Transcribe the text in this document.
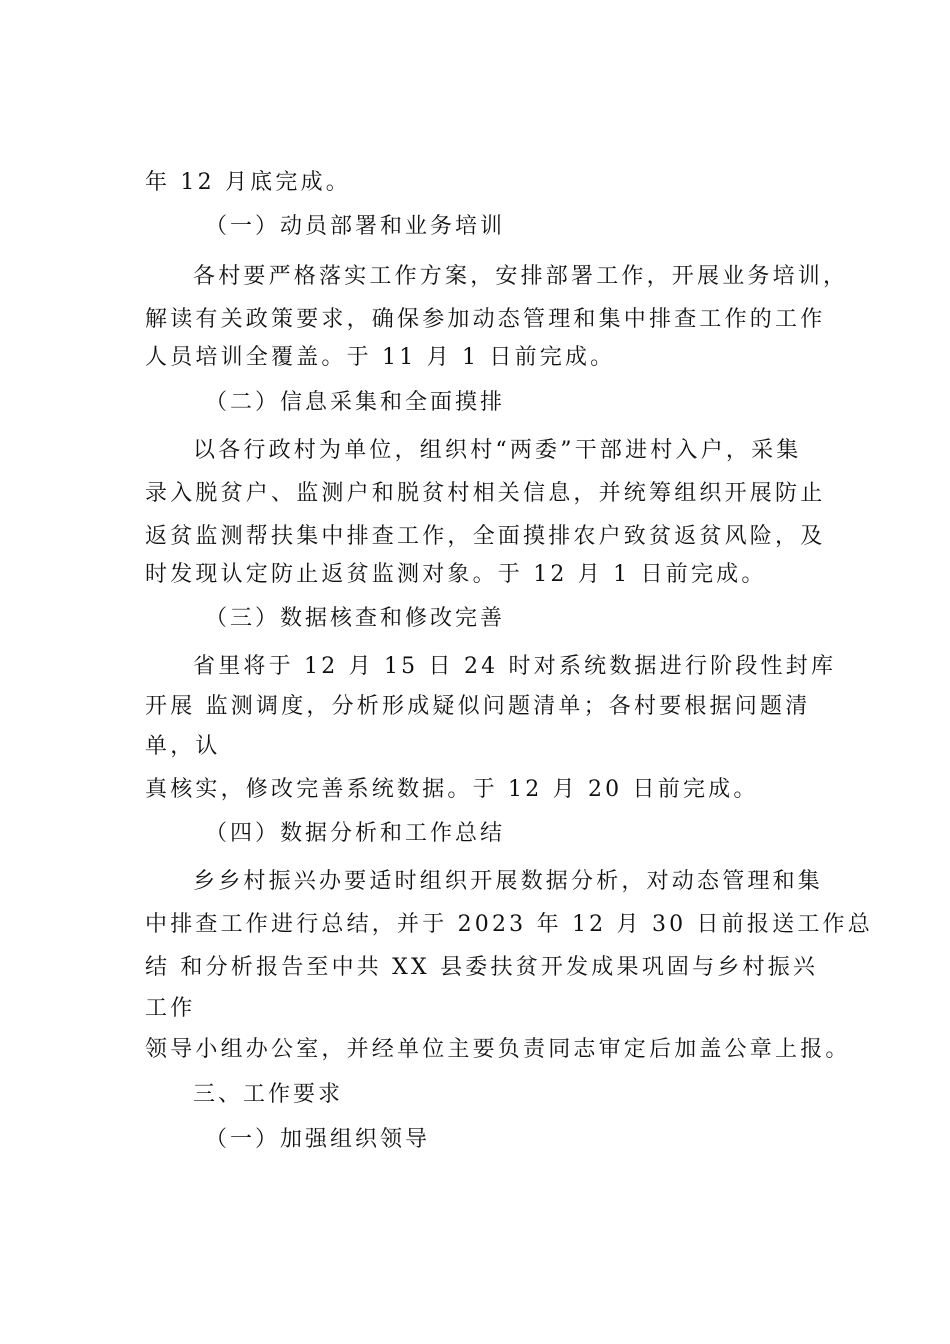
年 12 月底完成。
（一）动员部署和业务培训
各村要严格落实工作方案，安排部署工作，开展业务培训，
解读有关政策要求，确保参加动态管理和集中排查工作的工作
人员培训全覆盖。于 11 月 1 日前完成。
（二）信息采集和全面摸排
以各行政村为单位，组织村“两委”干部进村入户，采集
录入脱贫户、监测户和脱贫村相关信息，并统筹组织开展防止
返贫监测帮扶集中排查工作，全面摸排农户致贫返贫风险，及
时发现认定防止返贫监测对象。于 12 月 1 日前完成。
（三）数据核查和修改完善
省里将于 12 月 15 日 24 时对系统数据进行阶段性封库
开展 监测调度，分析形成疑似问题清单；各村要根据问题清
单，认
真核实，修改完善系统数据。于 12 月 20 日前完成。
（四）数据分析和工作总结
乡乡村振兴办要适时组织开展数据分析，对动态管理和集
中排查工作进行总结，并于 2023 年 12 月 30 日前报送工作总
结 和分析报告至中共 XX 县委扶贫开发成果巩固与乡村振兴
工作
领导小组办公室，并经单位主要负责同志审定后加盖公章上报。
三、工作要求
（一）加强组织领导
